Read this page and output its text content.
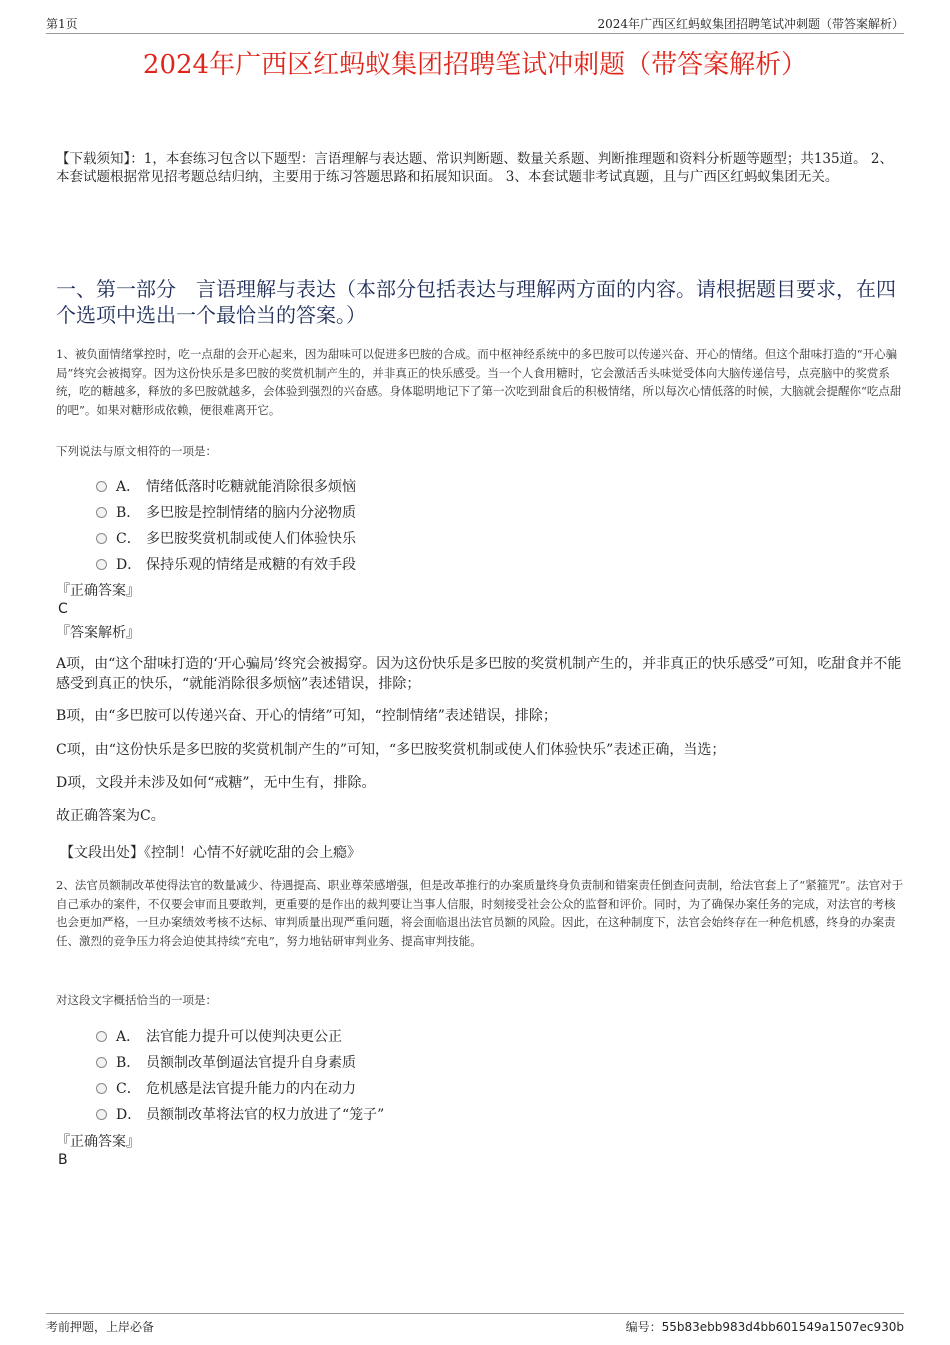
第1页	2024年广西区红蚂蚁集团招聘笔试冲刺题（带答案解析）
2024年广西区红蚂蚁集团招聘笔试冲刺题（带答案解析）
【下载须知】：1，本套练习包含以下题型：言语理解与表达题、常识判断题、数量关系题、判断推理题和资料分析题等题型；共135道。 2、本套试题根据常见招考题总结归纳，主要用于练习答题思路和拓展知识面。 3、本套试题非考试真题，且与广西区红蚂蚁集团无关。
一、第一部分　言语理解与表达（本部分包括表达与理解两方面的内容。请根据题目要求，在四个选项中选出一个最恰当的答案。）
1、被负面情绪掌控时，吃一点甜的会开心起来，因为甜味可以促进多巴胺的合成。而中枢神经系统中的多巴胺可以传递兴奋、开心的情绪。但这个甜味打造的“开心骗局”终究会被揭穿。因为这份快乐是多巴胺的奖赏机制产生的，并非真正的快乐感受。当一个人食用糖时，它会激活舌头味觉受体向大脑传递信号，点亮脑中的奖赏系统，吃的糖越多，释放的多巴胺就越多，会体验到强烈的兴奋感。身体聪明地记下了第一次吃到甜食后的积极情绪，所以每次心情低落的时候，大脑就会提醒你“吃点甜的吧”。如果对糖形成依赖，便很难离开它。
下列说法与原文相符的一项是：
A． 情绪低落时吃糖就能消除很多烦恼
B． 多巴胺是控制情绪的脑内分泌物质
C． 多巴胺奖赏机制或使人们体验快乐
D． 保持乐观的情绪是戒糖的有效手段
『正确答案』
C
『答案解析』
A项，由“这个甜味打造的‘开心骗局’终究会被揭穿。因为这份快乐是多巴胺的奖赏机制产生的，并非真正的快乐感受”可知，吃甜食并不能感受到真正的快乐，“就能消除很多烦恼”表述错误，排除；
B项，由“多巴胺可以传递兴奋、开心的情绪”可知，“控制情绪”表述错误，排除；
C项，由“这份快乐是多巴胺的奖赏机制产生的”可知，“多巴胺奖赏机制或使人们体验快乐”表述正确，当选；
D项，文段并未涉及如何“戒糖”，无中生有，排除。
故正确答案为C。
【文段出处】《控制！心情不好就吃甜的会上瘾》
2、法官员额制改革使得法官的数量减少、待遇提高、职业尊荣感增强，但是改革推行的办案质量终身负责制和错案责任倒查问责制，给法官套上了“紧箍咒”。法官对于自己承办的案件，不仅要会审而且要敢判，更重要的是作出的裁判要让当事人信服，时刻接受社会公众的监督和评价。同时，为了确保办案任务的完成，对法官的考核也会更加严格，一旦办案绩效考核不达标、审判质量出现严重问题，将会面临退出法官员额的风险。因此，在这种制度下，法官会始终存在一种危机感，终身的办案责任、激烈的竞争压力将会迫使其持续“充电”，努力地钻研审判业务、提高审判技能。
对这段文字概括恰当的一项是：
A． 法官能力提升可以使判决更公正
B． 员额制改革倒逼法官提升自身素质
C． 危机感是法官提升能力的内在动力
D． 员额制改革将法官的权力放进了“笼子”
『正确答案』
B
考前押题，上岸必备	编号：55b83ebb983d4bb601549a1507ec930b
